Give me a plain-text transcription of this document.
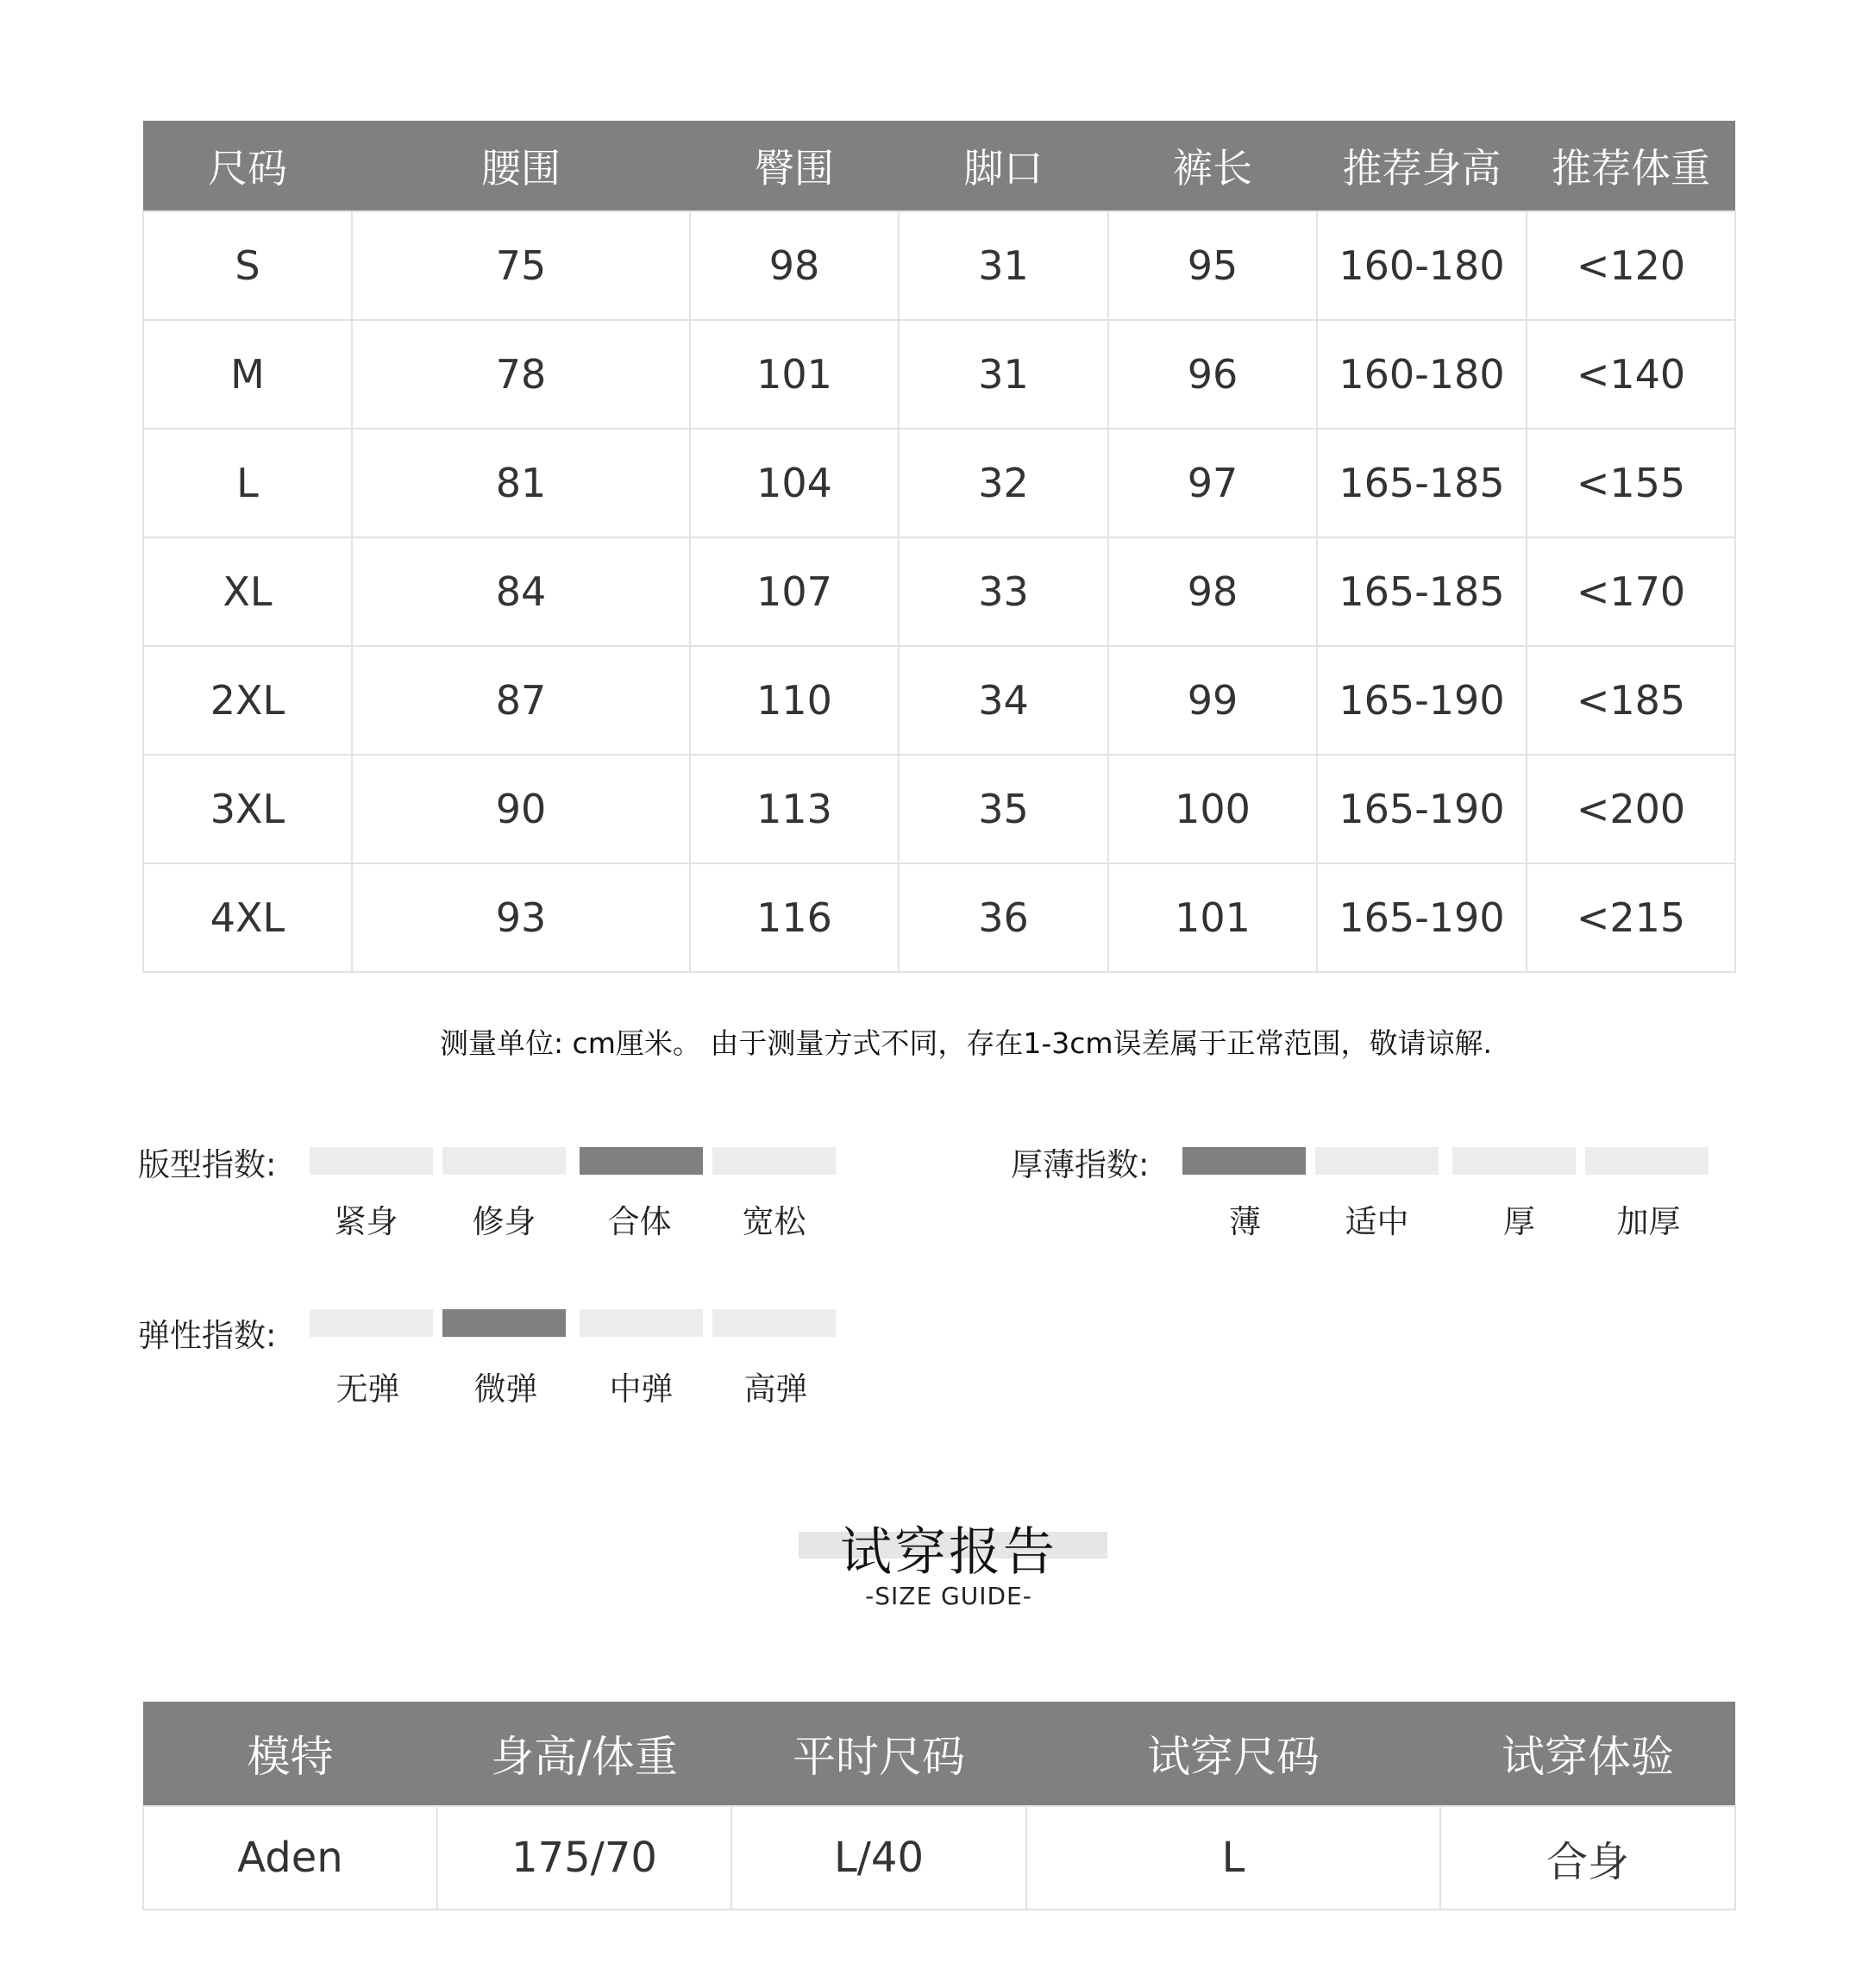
尺码	腰围	臀围	脚口	裤长	推荐身高	推荐体重
S	75	98	31	95	160-180	<120
M	78	101	31	96	160-180	<140
L	81	104	32	97	165-185	<155
XL	84	107	33	98	165-185	<170
2XL	87	110	34	99	165-190	<185
3XL	90	113	35	100	165-190	<200
4XL	93	116	36	101	165-190	<215
测量单位: cm厘米。 由于测量方式不同，存在1-3cm误差属于正常范围，敬请谅解.
版型指数:
紧身	修身	合体	宽松
厚薄指数:
薄	适中	厚	加厚
弹性指数:
无弹	微弹	中弹	高弹
试穿报告
-SIZE GUIDE-
模特	身高/体重	平时尺码	试穿尺码	试穿体验
Aden	175/70	L/40	L	合身
